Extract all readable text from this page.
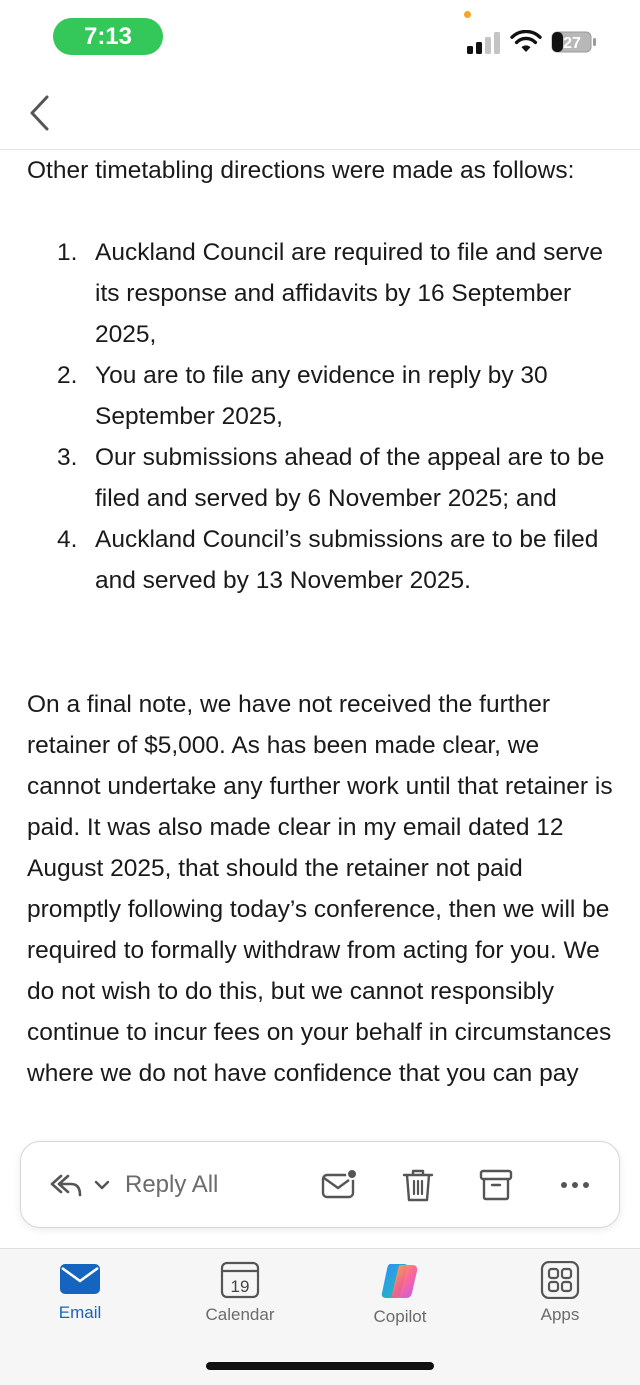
7:13	27

Other timetabling directions were made as follows:

1. Auckland Council are required to file and serve its response and affidavits by 16 September 2025,
2. You are to file any evidence in reply by 30 September 2025,
3. Our submissions ahead of the appeal are to be filed and served by 6 November 2025; and
4. Auckland Council’s submissions are to be filed and served by 13 November 2025.

On a final note, we have not received the further retainer of $5,000. As has been made clear, we cannot undertake any further work until that retainer is paid. It was also made clear in my email dated 12 August 2025, that should the retainer not paid promptly following today’s conference, then we will be required to formally withdraw from acting for you. We do not wish to do this, but we cannot responsibly continue to incur fees on your behalf in circumstances where we do not have confidence that you can pay

Reply All
Email
19
Calendar	Copilot	Apps
